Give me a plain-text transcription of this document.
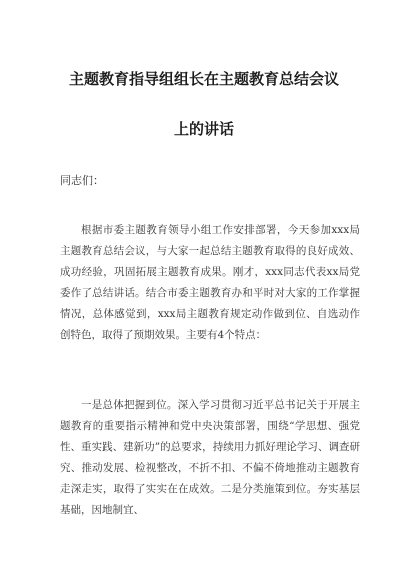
主题教育指导组组长在主题教育总结会议
上的讲话
同志们：

根据市委主题教育领导小组工作安排部署，今天参加xxx局主题教育总结会议，与大家一起总结主题教育取得的良好成效、成功经验，巩固拓展主题教育成果。刚才，xxx同志代表xx局党委作了总结讲话。结合市委主题教育办和平时对大家的工作掌握情况，总体感觉到，xxx局主题教育规定动作做到位、自选动作创特色，取得了预期效果。主要有4个特点：

一是总体把握到位。深入学习贯彻习近平总书记关于开展主题教育的重要指示精神和党中央决策部署，围绕“学思想、强党性、重实践、建新功”的总要求，持续用力抓好理论学习、调查研究、推动发展、检视整改，不折不扣、不偏不倚地推动主题教育走深走实，取得了实实在在成效。二是分类施策到位。夯实基层基础，因地制宜、
